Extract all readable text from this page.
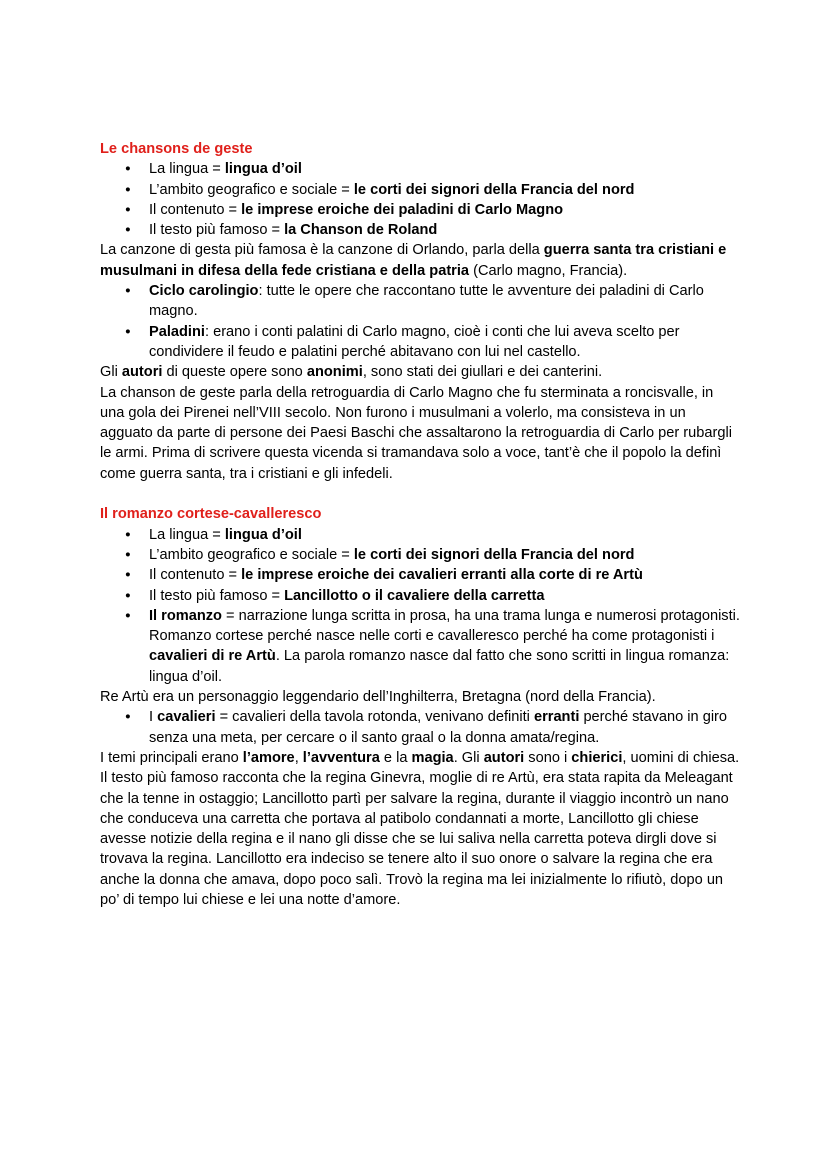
Le chansons de geste
● La lingua = lingua d’oil
● L’ambito geografico e sociale = le corti dei signori della Francia del nord
● Il contenuto = le imprese eroiche dei paladini di Carlo Magno
● Il testo più famoso = la Chanson de Roland

La canzone di gesta più famosa è la canzone di Orlando, parla della guerra santa tra cristiani e musulmani in difesa della fede cristiana e della patria (Carlo magno, Francia).

● Ciclo carolingio: tutte le opere che raccontano tutte le avventure dei paladini di Carlo magno.
● Paladini: erano i conti palatini di Carlo magno, cioè i conti che lui aveva scelto per condividere il feudo e palatini perché abitavano con lui nel castello.

Gli autori di queste opere sono anonimi, sono stati dei giullari e dei canterini.

La chanson de geste parla della retroguardia di Carlo Magno che fu sterminata a roncisvalle, in una gola dei Pirenei nell’VIII secolo. Non furono i musulmani a volerlo, ma consisteva in un agguato da parte di persone dei Paesi Baschi che assaltarono la retroguardia di Carlo per rubargli le armi. Prima di scrivere questa vicenda si tramandava solo a voce, tant’è che il popolo la definì come guerra santa, tra i cristiani e gli infedeli.

Il romanzo cortese-cavalleresco
● La lingua = lingua d’oil
● L’ambito geografico e sociale = le corti dei signori della Francia del nord
● Il contenuto = le imprese eroiche dei cavalieri erranti alla corte di re Artù
● Il testo più famoso = Lancillotto o il cavaliere della carretta
● Il romanzo = narrazione lunga scritta in prosa, ha una trama lunga e numerosi protagonisti. Romanzo cortese perché nasce nelle corti e cavalleresco perché ha come protagonisti i cavalieri di re Artù. La parola romanzo nasce dal fatto che sono scritti in lingua romanza: lingua d’oil.

Re Artù era un personaggio leggendario dell’Inghilterra, Bretagna (nord della Francia).

● I cavalieri = cavalieri della tavola rotonda, venivano definiti erranti perché stavano in giro senza una meta, per cercare o il santo graal o la donna amata/regina.

I temi principali erano l’amore, l’avventura e la magia. Gli autori sono i chierici, uomini di chiesa.

Il testo più famoso racconta che la regina Ginevra, moglie di re Artù, era stata rapita da Meleagant che la tenne in ostaggio; Lancillotto partì per salvare la regina, durante il viaggio incontrò un nano che conduceva una carretta che portava al patibolo condannati a morte, Lancillotto gli chiese avesse notizie della regina e il nano gli disse che se lui saliva nella carretta poteva dirgli dove si trovava la regina. Lancillotto era indeciso se tenere alto il suo onore o salvare la regina che era anche la donna che amava, dopo poco salì. Trovò la regina ma lei inizialmente lo rifiutò, dopo un po’ di tempo lui chiese e lei una notte d’amore.
